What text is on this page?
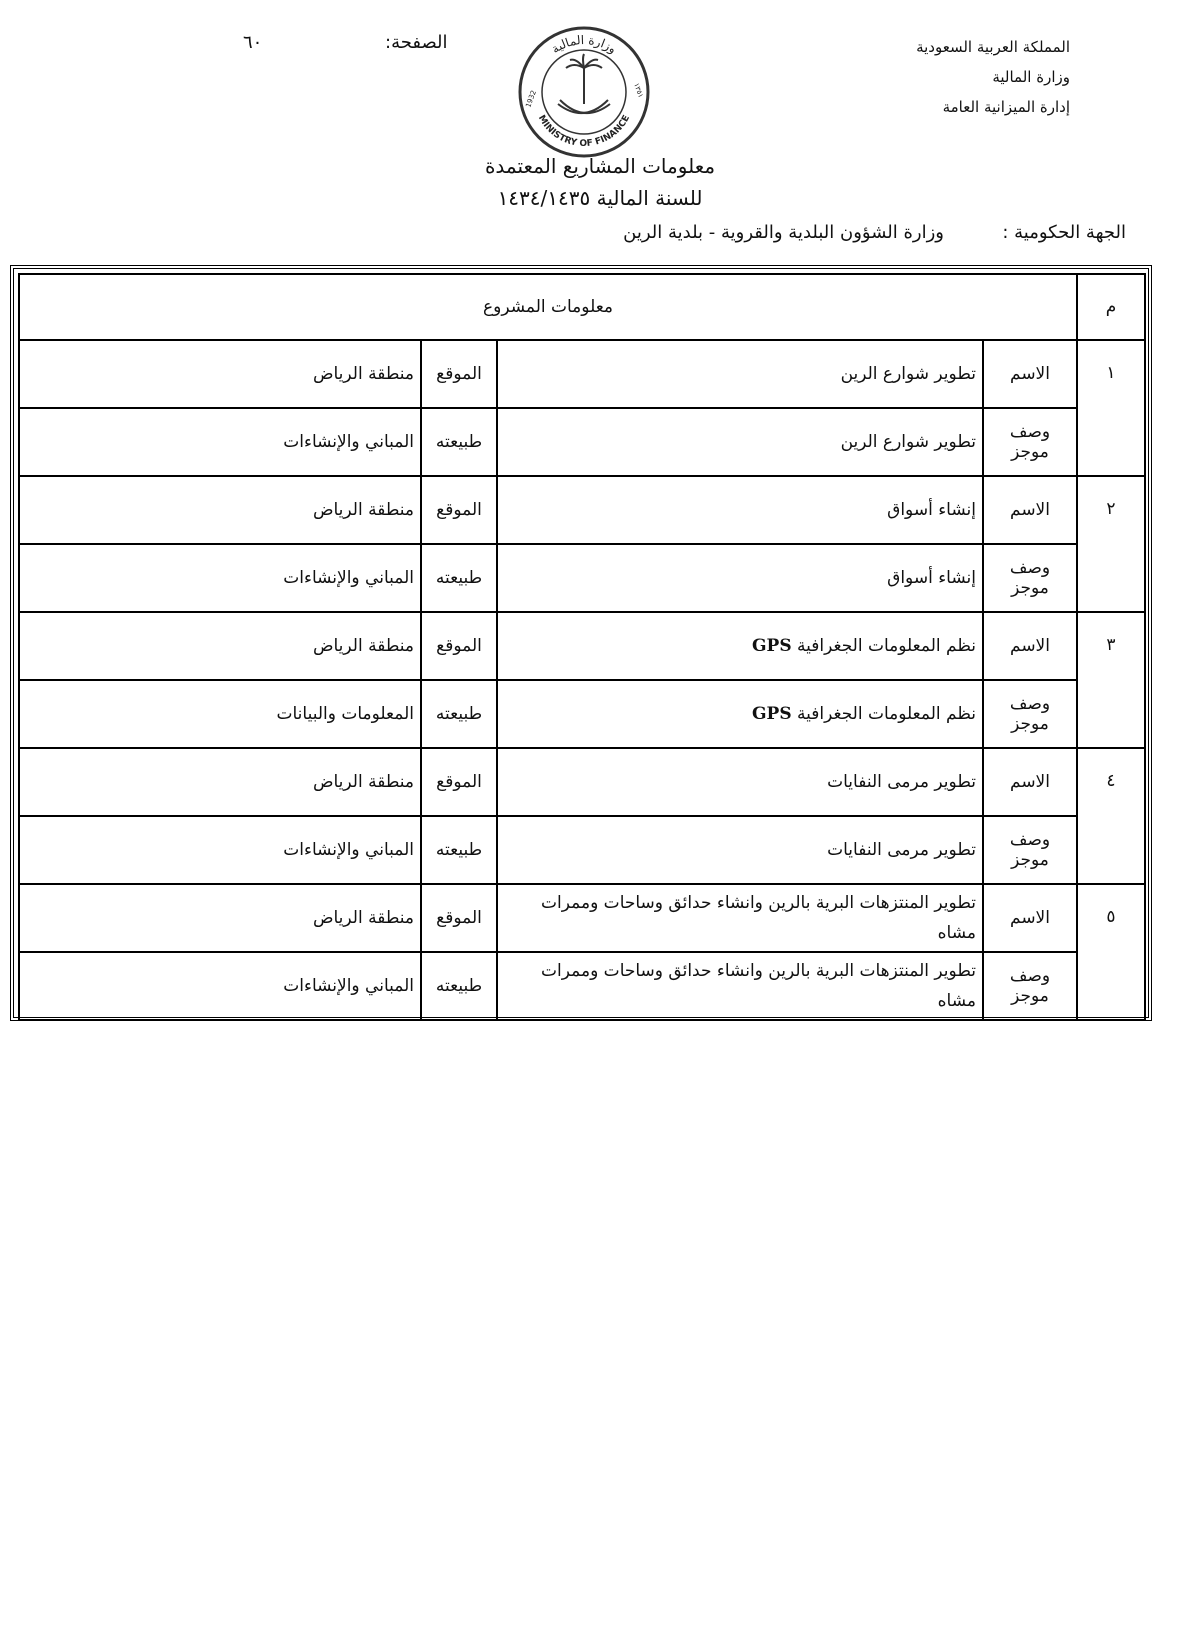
المملكة العربية السعودية
وزارة المالية
إدارة الميزانية العامة
الصفحة:
٦٠	وزارة المالية
MINISTRY OF FINANCE
1932	١٣٥١
معلومات المشاريع المعتمدة
للسنة المالية ١٤٣٤/١٤٣٥
الجهة الحكومية :
وزارة الشؤون البلدية والقروية - بلدية الرين
م	معلومات المشروع			
١	الاسم	تطوير شوارع الرين	الموقع	منطقة الرياض
	وصف موجز	تطوير شوارع الرين	طبيعته	المباني والإنشاءات
٢	الاسم	إنشاء أسواق	الموقع	منطقة الرياض
	وصف موجز	إنشاء أسواق	طبيعته	المباني والإنشاءات
٣	الاسم	نظم المعلومات الجغرافية GPS	الموقع	منطقة الرياض
	وصف موجز	نظم المعلومات الجغرافية GPS	طبيعته	المعلومات والبيانات
٤	الاسم	تطوير مرمى النفايات	الموقع	منطقة الرياض
	وصف موجز	تطوير مرمى النفايات	طبيعته	المباني والإنشاءات
٥	الاسم	تطوير المنتزهات البرية بالرين وانشاء حدائق وساحات وممرات مشاه	الموقع	منطقة الرياض
	وصف موجز	تطوير المنتزهات البرية بالرين وانشاء حدائق وساحات وممرات مشاه	طبيعته	المباني والإنشاءات
